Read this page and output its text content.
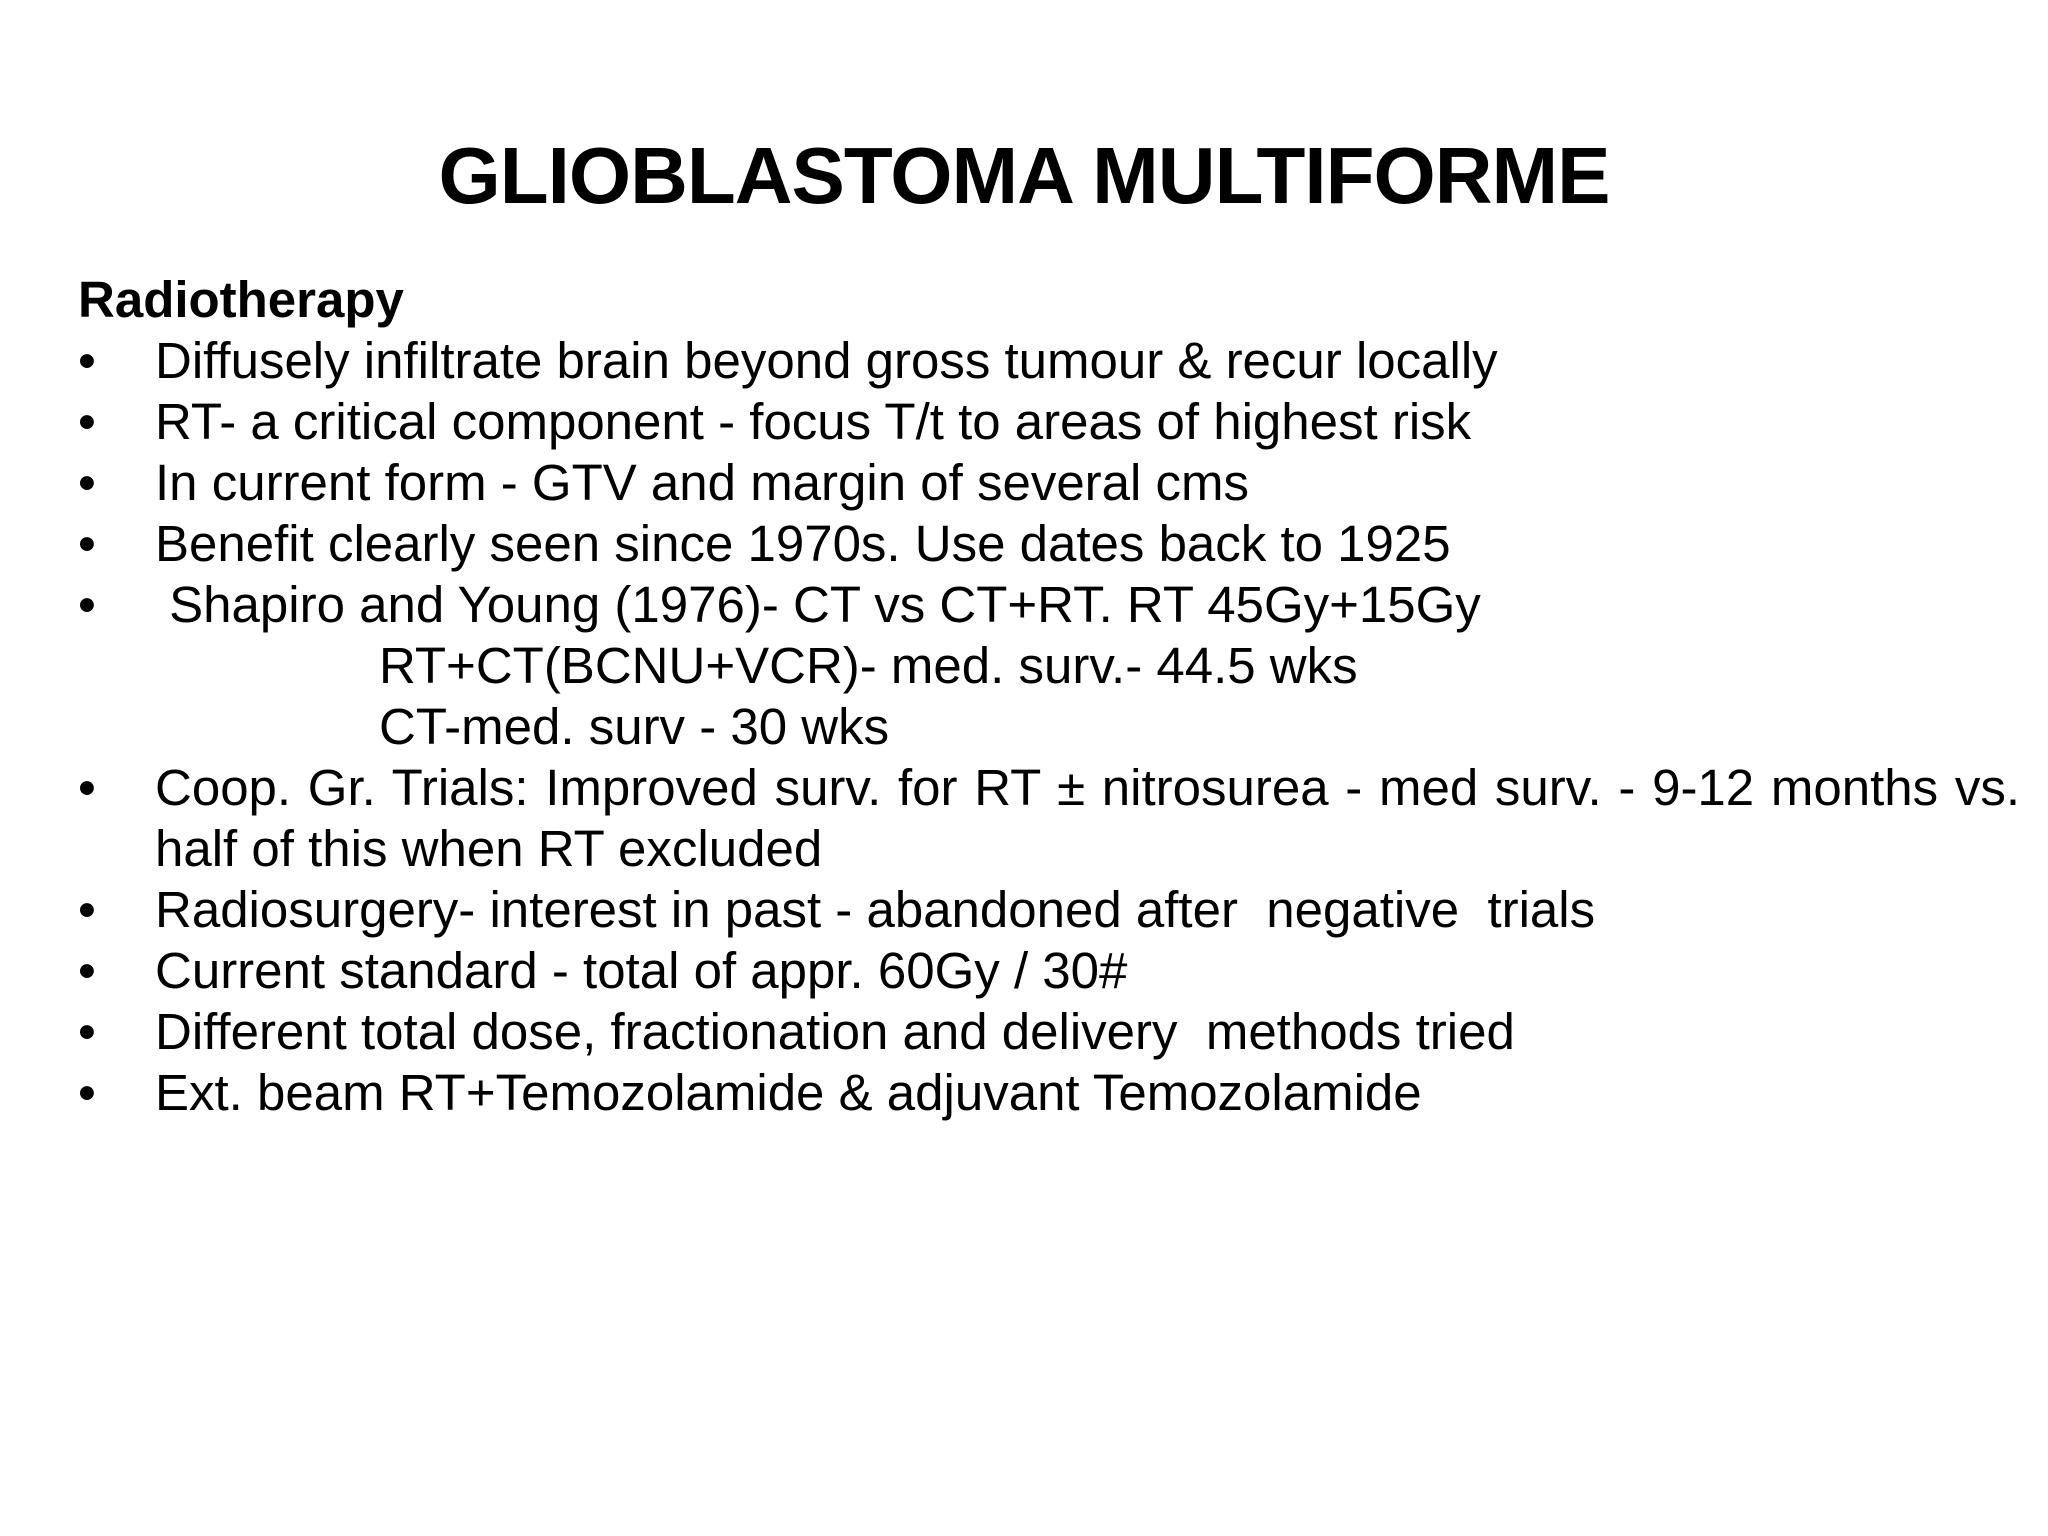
GLIOBLASTOMA MULTIFORME
Radiotherapy
•	Diffusely infiltrate brain beyond gross tumour & recur locally
•	RT- a critical component - focus T/t to areas of highest risk
•	In current form - GTV and margin of several cms
•	Benefit clearly seen since 1970s. Use dates back to 1925
•	Shapiro and Young (1976)- CT vs CT+RT. RT 45Gy+15Gy
RT+CT(BCNU+VCR)- med. surv.- 44.5 wks
CT-med. surv - 30 wks
•	Coop. Gr. Trials: Improved surv. for RT ± nitrosurea - med surv. - 9-12 months vs. half of this when RT excluded
•	Radiosurgery- interest in past - abandoned after  negative  trials
•	Current standard - total of appr. 60Gy / 30#
•	Different total dose, fractionation and delivery  methods tried
•	Ext. beam RT+Temozolamide & adjuvant Temozolamide
